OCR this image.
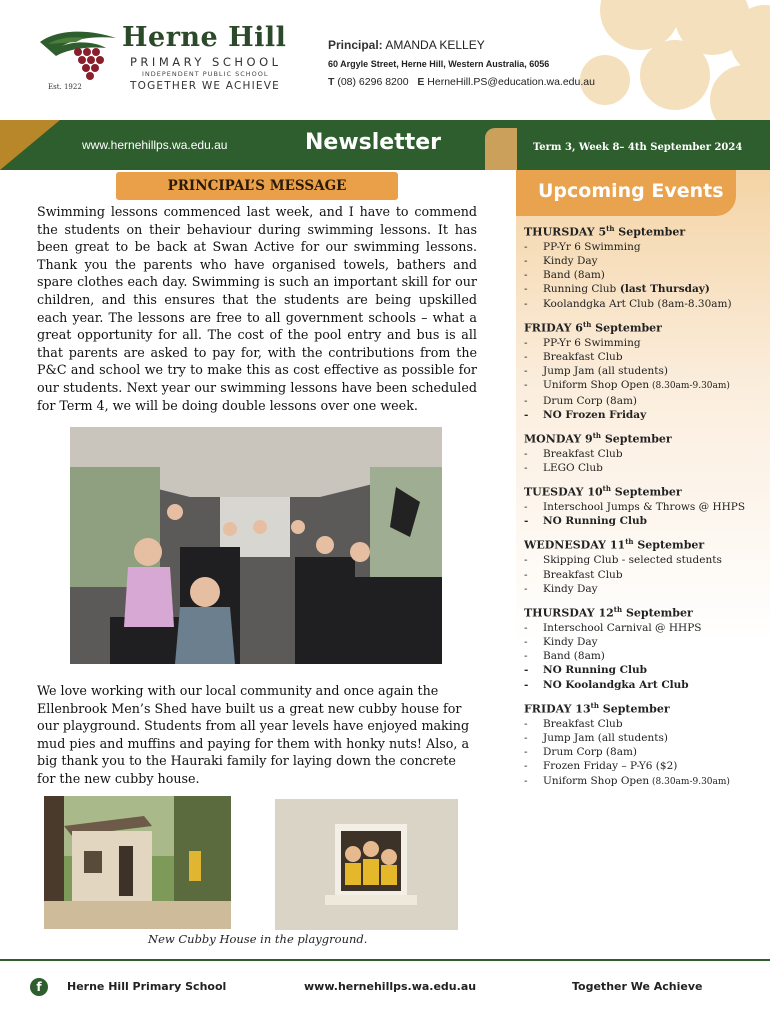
Est. 1922
Herne Hill
PRIMARY SCHOOL
INDEPENDENT PUBLIC SCHOOL
TOGETHER WE ACHIEVE
Principal: AMANDA KELLEY
60 Argyle Street, Herne Hill, Western Australia, 6056
T (08) 6296 8200 E HerneHill.PS@education.wa.edu.au
www.hernehillps.wa.edu.au	Newsletter	Term 3, Week 8– 4th September 2024
Upcoming Events
THURSDAY 5th September
- PP-Yr 6 Swimming
- Kindy Day
- Band (8am)
- Running Club (last Thursday)
- Koolandgka Art Club (8am-8.30am)
FRIDAY 6th September
- PP-Yr 6 Swimming
- Breakfast Club
- Jump Jam (all students)
- Uniform Shop Open (8.30am-9.30am)
- Drum Corp (8am)
- NO Frozen Friday
MONDAY 9th September
- Breakfast Club
- LEGO Club
TUESDAY 10th September
- Interschool Jumps & Throws @ HHPS
- NO Running Club
WEDNESDAY 11th September
- Skipping Club - selected students
- Breakfast Club
- Kindy Day
THURSDAY 12th September
- Interschool Carnival @ HHPS
- Kindy Day
- Band (8am)
- NO Running Club
- NO Koolandgka Art Club
FRIDAY 13th September
- Breakfast Club
- Jump Jam (all students)
- Drum Corp (8am)
- Frozen Friday – P-Y6 ($2)
- Uniform Shop Open (8.30am-9.30am)
PRINCIPAL’S MESSAGE
Swimming lessons commenced last week, and I have to commend the students on their behaviour during swimming lessons. It has been great to be back at Swan Active for our swimming lessons. Thank you the parents who have organised towels, bathers and spare clothes each day. Swimming is such an important skill for our children, and this ensures that the students are being upskilled each year. The lessons are free to all government schools – what a great opportunity for all. The cost of the pool entry and bus is all that parents are asked to pay for, with the contributions from the P&C and school we try to make this as cost effective as possible for our students. Next year our swimming lessons have been scheduled for Term 4, we will be doing double lessons over one week.
We love working with our local community and once again the Ellenbrook Men’s Shed have built us a great new cubby house for our playground. Students from all year levels have enjoyed making mud pies and muffins and paying for them with honky nuts! Also, a big thank you to the Hauraki family for laying down the concrete for the new cubby house.
New Cubby House in the playground.
f	Herne Hill Primary School	www.hernehillps.wa.edu.au	Together We Achieve
